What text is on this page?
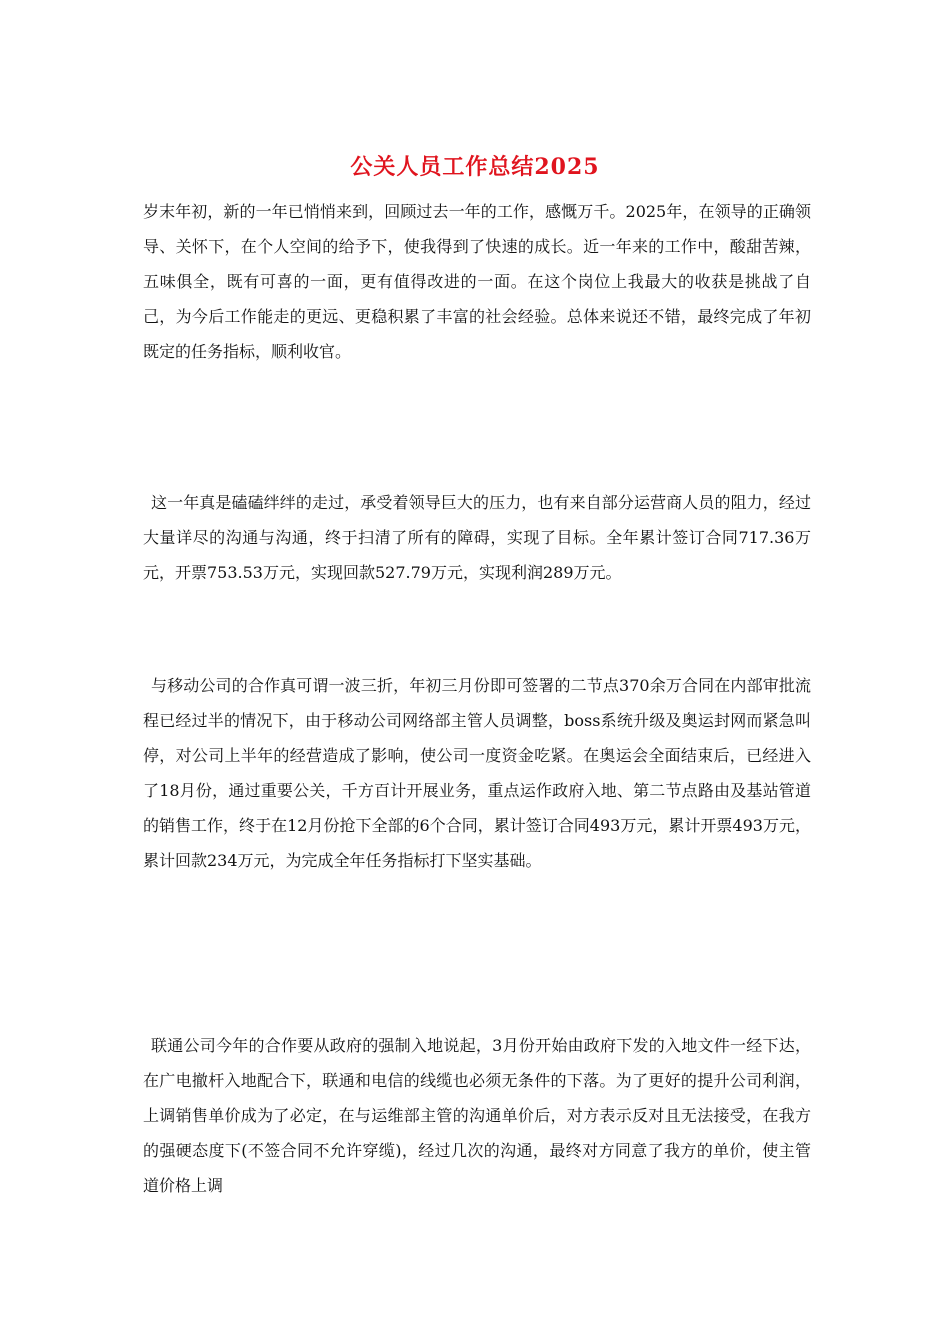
公关人员工作总结2025

岁末年初，新的一年已悄悄来到，回顾过去一年的工作，感慨万千。2025年，在领导的正确领导、关怀下，在个人空间的给予下，使我得到了快速的成长。近一年来的工作中，酸甜苦辣，五味俱全，既有可喜的一面，更有值得改进的一面。在这个岗位上我最大的收获是挑战了自己，为今后工作能走的更远、更稳积累了丰富的社会经验。总体来说还不错，最终完成了年初既定的任务指标，顺利收官。

这一年真是磕磕绊绊的走过，承受着领导巨大的压力，也有来自部分运营商人员的阻力，经过大量详尽的沟通与沟通，终于扫清了所有的障碍，实现了目标。全年累计签订合同717.36万元，开票753.53万元，实现回款527.79万元，实现利润289万元。

与移动公司的合作真可谓一波三折，年初三月份即可签署的二节点370余万合同在内部审批流程已经过半的情况下，由于移动公司网络部主管人员调整，boss系统升级及奥运封网而紧急叫停，对公司上半年的经营造成了影响，使公司一度资金吃紧。在奥运会全面结束后，已经进入了18月份，通过重要公关，千方百计开展业务，重点运作政府入地、第二节点路由及基站管道的销售工作，终于在12月份抢下全部的6个合同，累计签订合同493万元，累计开票493万元，累计回款234万元，为完成全年任务指标打下坚实基础。

联通公司今年的合作要从政府的强制入地说起，3月份开始由政府下发的入地文件一经下达，在广电撤杆入地配合下，联通和电信的线缆也必须无条件的下落。为了更好的提升公司利润，上调销售单价成为了必定，在与运维部主管的沟通单价后，对方表示反对且无法接受，在我方的强硬态度下(不签合同不允许穿缆)，经过几次的沟通，最终对方同意了我方的单价，使主管道价格上调
